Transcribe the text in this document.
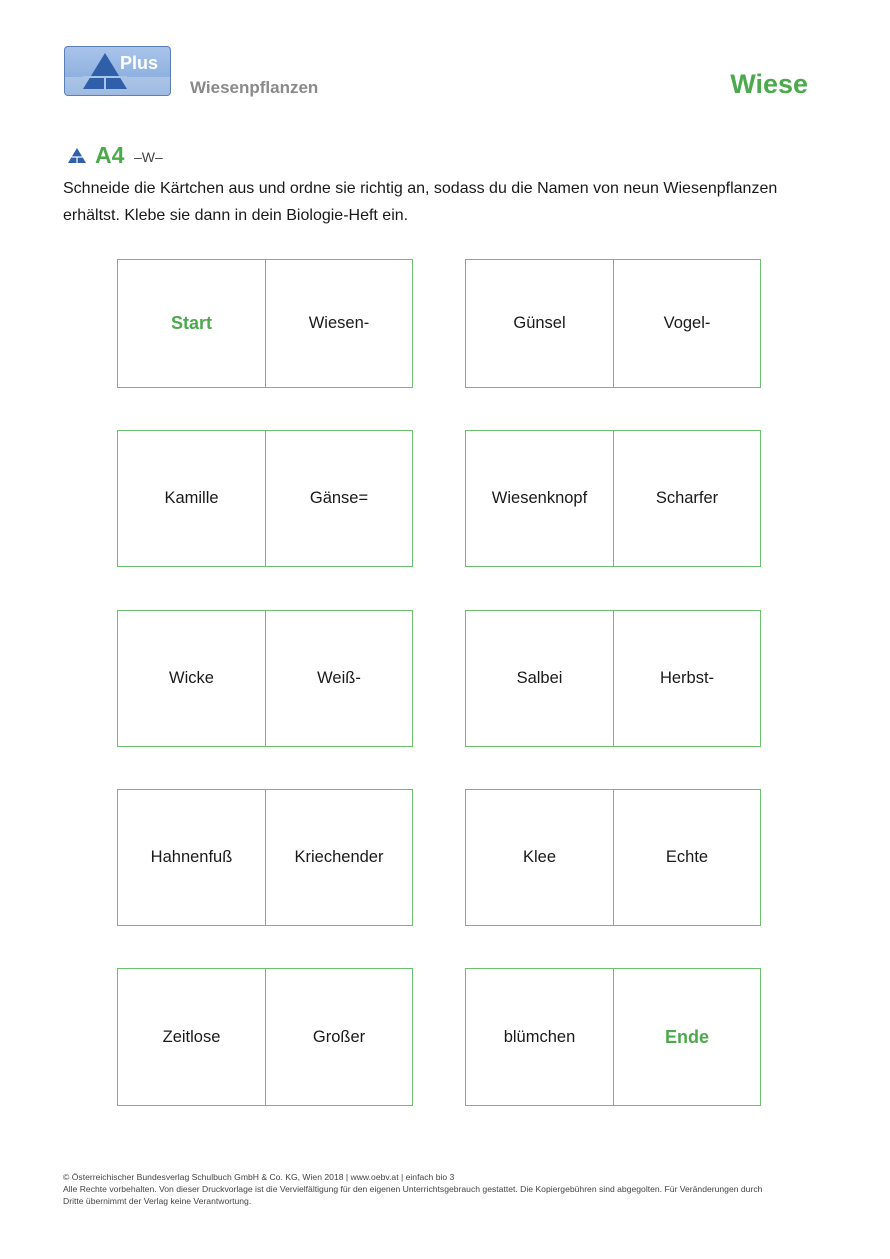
Plus
Wiesenpflanzen	Wiese
A4 –W–
Schneide die Kärtchen aus und ordne sie richtig an, sodass du die Namen von neun Wiesenpflanzen
erhältst. Klebe sie dann in dein Biologie-Heft ein.
Start	Wiesen-	Günsel	Vogel-
Kamille	Gänse=	Wiesenknopf	Scharfer
Wicke	Weiß-	Salbei	Herbst-
Hahnenfuß	Kriechender	Klee	Echte
Zeitlose	Großer	blümchen	Ende
© Österreichischer Bundesverlag Schulbuch GmbH & Co. KG, Wien 2018 | www.oebv.at | einfach bio 3
Alle Rechte vorbehalten. Von dieser Druckvorlage ist die Vervielfältigung für den eigenen Unterrichtsgebrauch gestattet. Die Kopiergebühren sind abgegolten. Für Veränderungen durch
Dritte übernimmt der Verlag keine Verantwortung.
